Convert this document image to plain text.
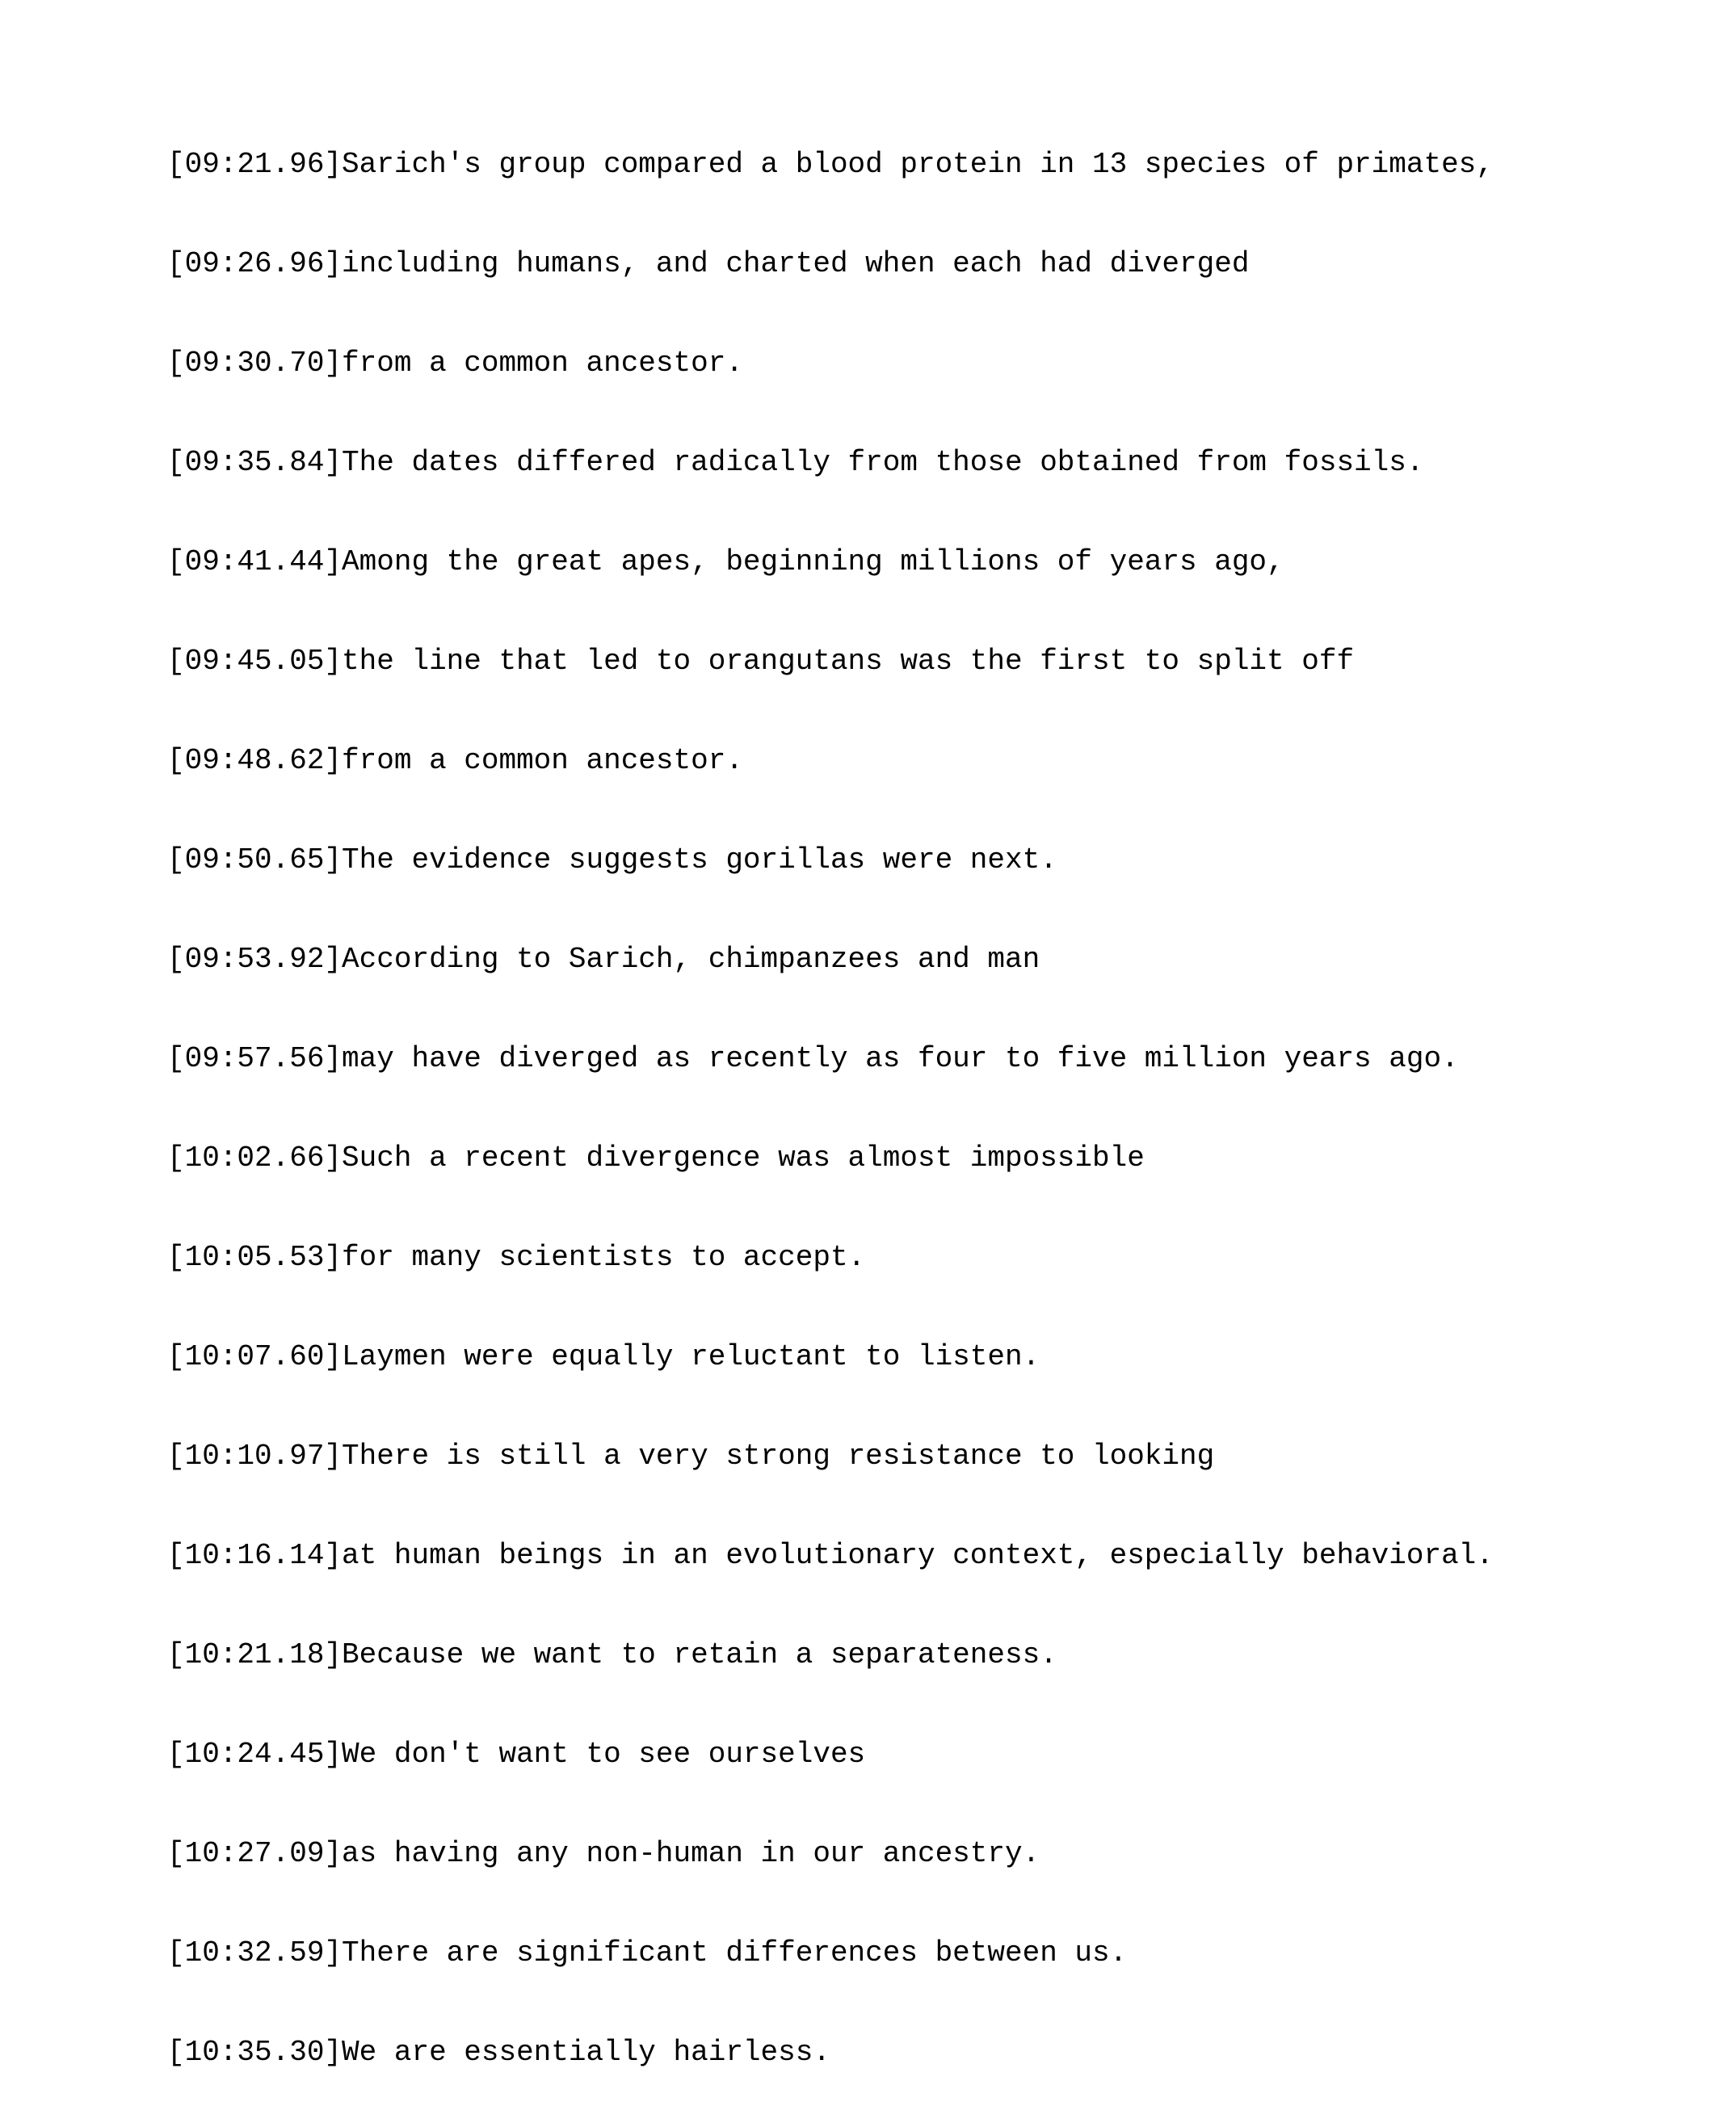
[09:21.96]Sarich's group compared a blood protein in 13 species of primates,

[09:26.96]including humans, and charted when each had diverged

[09:30.70]from a common ancestor.

[09:35.84]The dates differed radically from those obtained from fossils.

[09:41.44]Among the great apes, beginning millions of years ago,

[09:45.05]the line that led to orangutans was the first to split off

[09:48.62]from a common ancestor.

[09:50.65]The evidence suggests gorillas were next.

[09:53.92]According to Sarich, chimpanzees and man

[09:57.56]may have diverged as recently as four to five million years ago.

[10:02.66]Such a recent divergence was almost impossible

[10:05.53]for many scientists to accept.

[10:07.60]Laymen were equally reluctant to listen.

[10:10.97]There is still a very strong resistance to looking

[10:16.14]at human beings in an evolutionary context, especially behavioral.

[10:21.18]Because we want to retain a separateness.

[10:24.45]We don't want to see ourselves

[10:27.09]as having any non-human in our ancestry.

[10:32.59]There are significant differences between us.

[10:35.30]We are essentially hairless.
